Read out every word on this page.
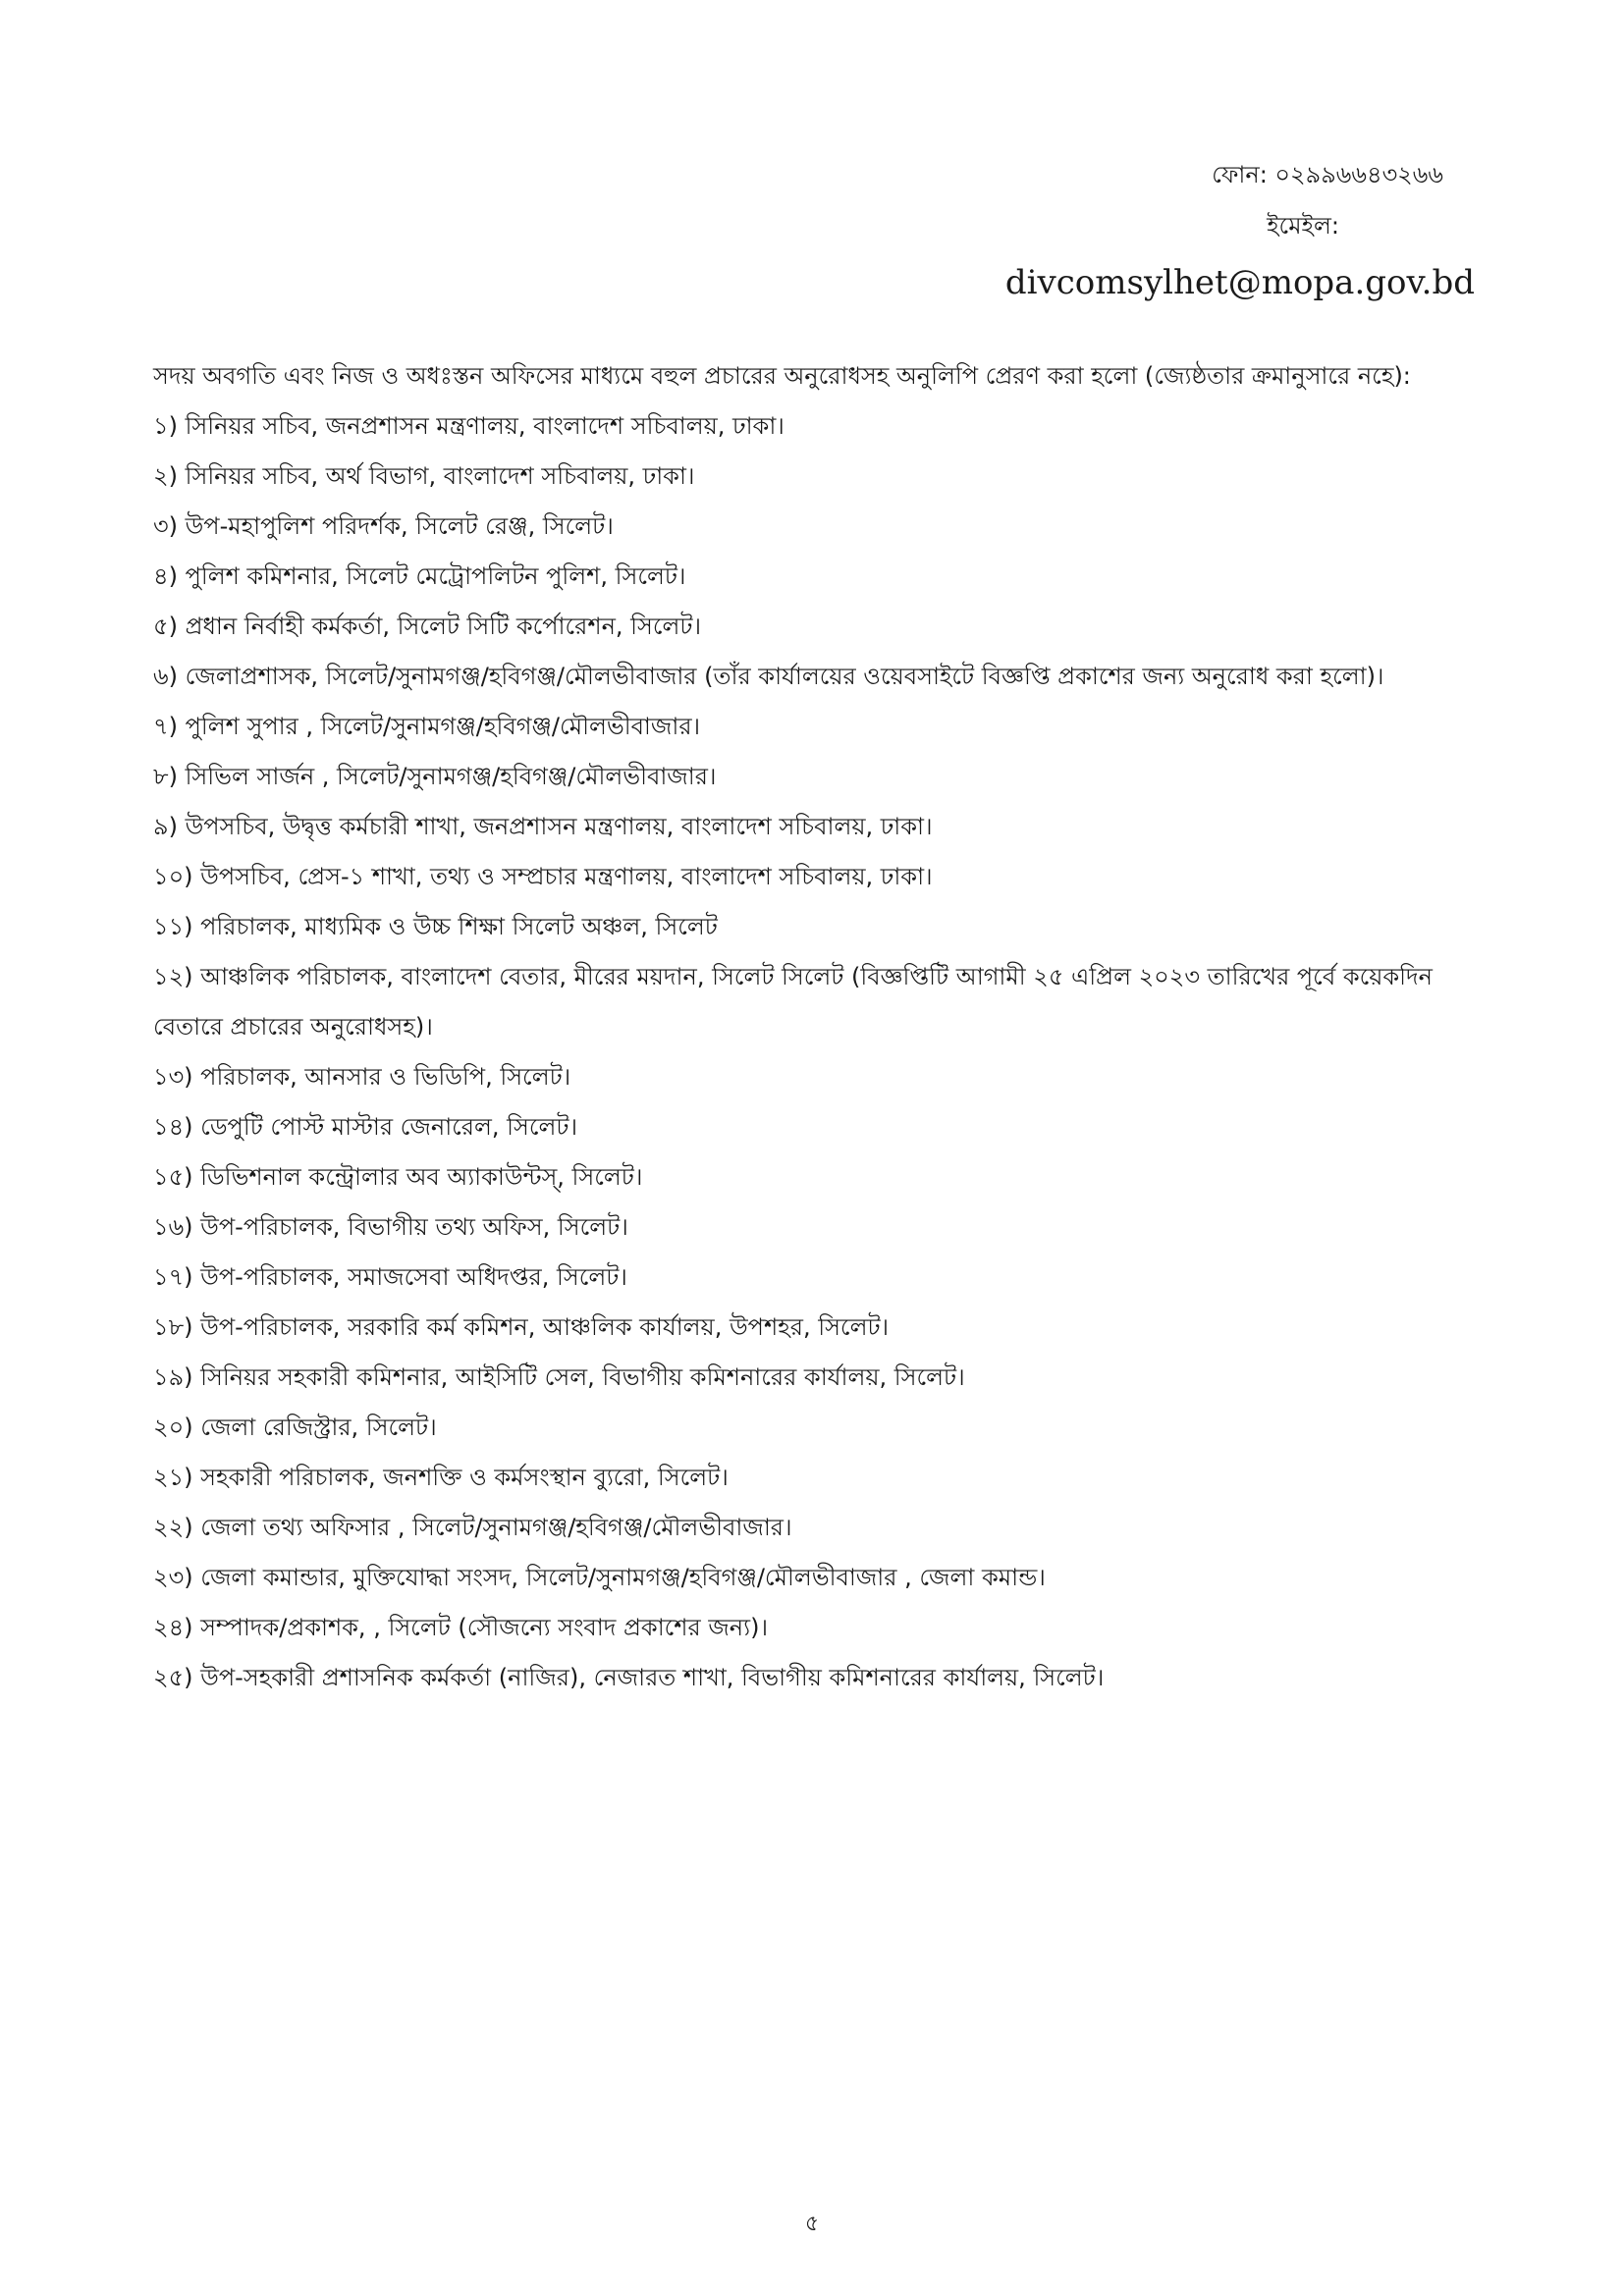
ফোন: ০২৯৯৬৬৪৩২৬৬
ইমেইল:
divcomsylhet@mopa.gov.bd

সদয় অবগতি এবং নিজ ও অধঃস্তন অফিসের মাধ্যমে বহুল প্রচারের অনুরোধসহ অনুলিপি প্রেরণ করা হলো (জ্যেষ্ঠতার ক্রমানুসারে নহে):

১) সিনিয়র সচিব, জনপ্রশাসন মন্ত্রণালয়, বাংলাদেশ সচিবালয়, ঢাকা।
২) সিনিয়র সচিব, অর্থ বিভাগ, বাংলাদেশ সচিবালয়, ঢাকা।
৩) উপ-মহাপুলিশ পরিদর্শক, সিলেট রেঞ্জ, সিলেট।
৪) পুলিশ কমিশনার, সিলেট মেট্রোপলিটন পুলিশ, সিলেট।
৫) প্রধান নির্বাহী কর্মকর্তা, সিলেট সিটি কর্পোরেশন, সিলেট।
৬) জেলাপ্রশাসক, সিলেট/সুনামগঞ্জ/হবিগঞ্জ/মৌলভীবাজার (তাঁর কার্যালয়ের ওয়েবসাইটে বিজ্ঞপ্তি প্রকাশের জন্য অনুরোধ করা হলো)।
৭) পুলিশ সুপার , সিলেট/সুনামগঞ্জ/হবিগঞ্জ/মৌলভীবাজার।
৮) সিভিল সার্জন , সিলেট/সুনামগঞ্জ/হবিগঞ্জ/মৌলভীবাজার।
৯) উপসচিব, উদ্বৃত্ত কর্মচারী শাখা, জনপ্রশাসন মন্ত্রণালয়, বাংলাদেশ সচিবালয়, ঢাকা।
১০) উপসচিব, প্রেস-১ শাখা, তথ্য ও সম্প্রচার মন্ত্রণালয়, বাংলাদেশ সচিবালয়, ঢাকা।
১১) পরিচালক, মাধ্যমিক ও উচ্চ শিক্ষা সিলেট অঞ্চল, সিলেট
১২) আঞ্চলিক পরিচালক, বাংলাদেশ বেতার, মীরের ময়দান, সিলেট সিলেট (বিজ্ঞপ্তিটি আগামী ২৫ এপ্রিল ২০২৩ তারিখের পূর্বে কয়েকদিন বেতারে প্রচারের অনুরোধসহ)।
১৩) পরিচালক, আনসার ও ভিডিপি, সিলেট।
১৪) ডেপুটি পোস্ট মাস্টার জেনারেল, সিলেট।
১৫) ডিভিশনাল কন্ট্রোলার অব অ্যাকাউন্টস্, সিলেট।
১৬) উপ-পরিচালক, বিভাগীয় তথ্য অফিস, সিলেট।
১৭) উপ-পরিচালক, সমাজসেবা অধিদপ্তর, সিলেট।
১৮) উপ-পরিচালক, সরকারি কর্ম কমিশন, আঞ্চলিক কার্যালয়, উপশহর, সিলেট।
১৯) সিনিয়র সহকারী কমিশনার, আইসিটি সেল, বিভাগীয় কমিশনারের কার্যালয়, সিলেট।
২০) জেলা রেজিস্ট্রার, সিলেট।
২১) সহকারী পরিচালক, জনশক্তি ও কর্মসংস্থান ব্যুরো, সিলেট।
২২) জেলা তথ্য অফিসার , সিলেট/সুনামগঞ্জ/হবিগঞ্জ/মৌলভীবাজার।
২৩) জেলা কমান্ডার, মুক্তিযোদ্ধা সংসদ, সিলেট/সুনামগঞ্জ/হবিগঞ্জ/মৌলভীবাজার , জেলা কমান্ড।
২৪) সম্পাদক/প্রকাশক, , সিলেট (সৌজন্যে সংবাদ প্রকাশের জন্য)।
২৫) উপ-সহকারী প্রশাসনিক কর্মকর্তা (নাজির), নেজারত শাখা, বিভাগীয় কমিশনারের কার্যালয়, সিলেট।
৫
